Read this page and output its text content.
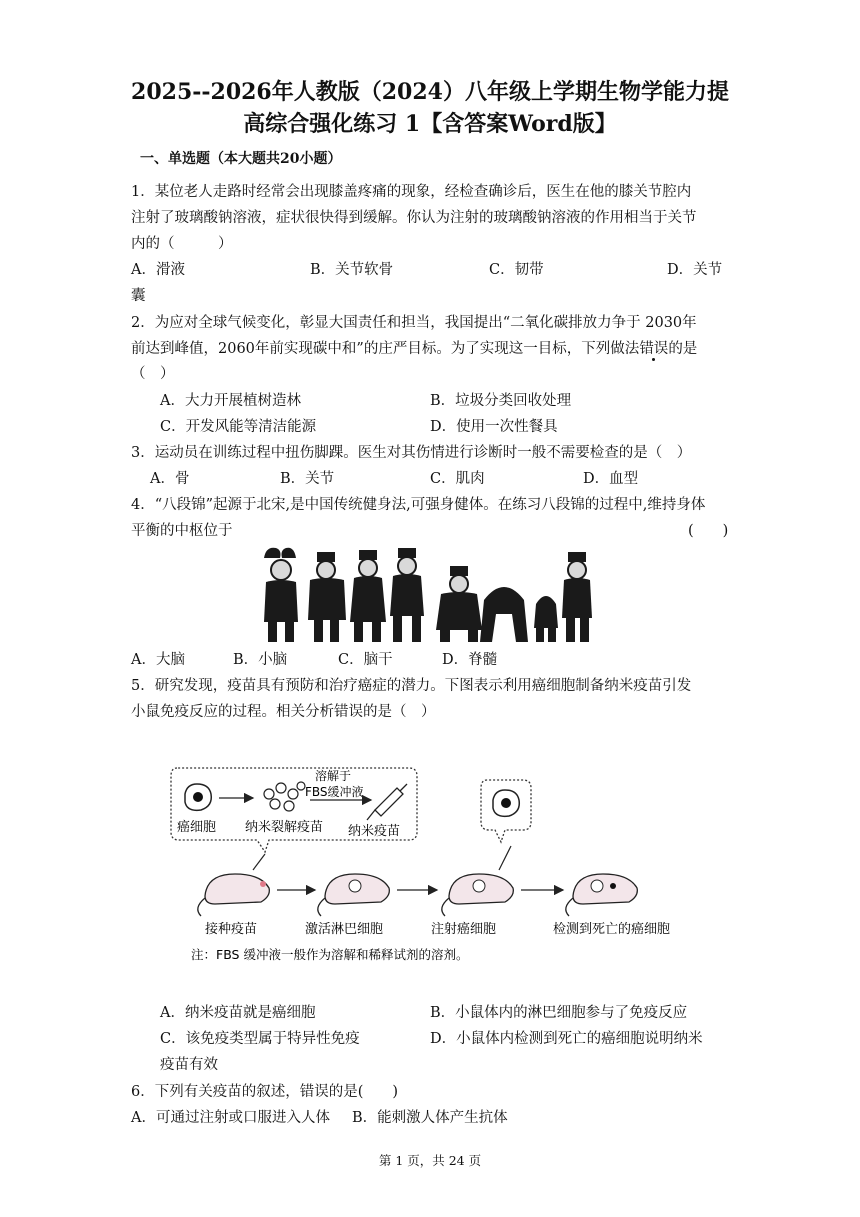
2025--2026年人教版（2024）八年级上学期生物学能力提
高综合强化练习 1【含答案Word版】
一、单选题（本大题共20小题）
1．某位老人走路时经常会出现膝盖疼痛的现象，经检查确诊后，医生在他的膝关节腔内
注射了玻璃酸钠溶液，症状很快得到缓解。你认为注射的玻璃酸钠溶液的作用相当于关节
内的（　　　）
A．滑液	B．关节软骨	C．韧带	D．关节
囊
2．为应对全球气候变化，彰显大国责任和担当，我国提出“二氧化碳排放力争于 2030年
前达到峰值，2060年前实现碳中和”的庄严目标。为了实现这一目标，下列做法错误的是
（　）
A．大力开展植树造林	B．垃圾分类回收处理
C．开发风能等清洁能源	D．使用一次性餐具
3．运动员在训练过程中扭伤脚踝。医生对其伤情进行诊断时一般不需要检查的是（　）
A．骨	B．关节	C．肌肉	D．血型
4．“八段锦”起源于北宋,是中国传统健身法,可强身健体。在练习八段锦的过程中,维持身体
平衡的中枢位于	(　　)
A．大脑	B．小脑	C．脑干	D．脊髓
5．研究发现，疫苗具有预防和治疗癌症的潜力。下图表示利用癌细胞制备纳米疫苗引发
小鼠免疫反应的过程。相关分析错误的是（　）
癌细胞 纳米裂解疫苗
溶解于
FBS缓冲液
纳米疫苗
接种疫苗	激活淋巴细胞	注射癌细胞	检测到死亡的癌细胞
注：FBS 缓冲液一般作为溶解和稀释试剂的溶剂。
A．纳米疫苗就是癌细胞	B．小鼠体内的淋巴细胞参与了免疫反应
C．该免疫类型属于特异性免疫	D．小鼠体内检测到死亡的癌细胞说明纳米
疫苗有效
6．下列有关疫苗的叙述，错误的是(　　)
A．可通过注射或口服进入人体 B．能刺激人体产生抗体
第 1 页，共 24 页
